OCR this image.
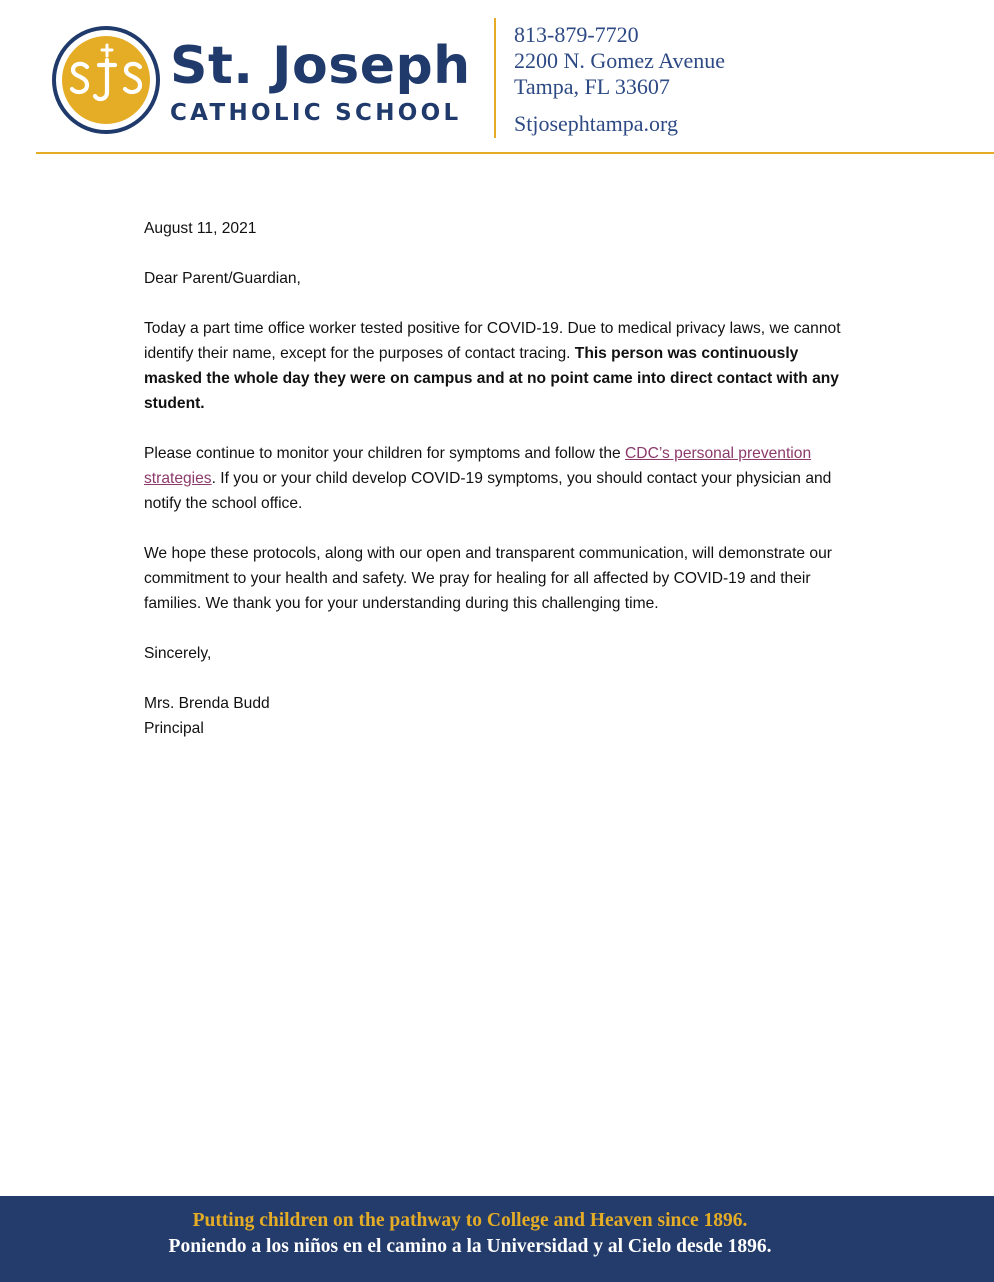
St. Joseph
CATHOLIC SCHOOL
813-879-7720
2200 N. Gomez Avenue
Tampa, FL 33607
Stjosephtampa.org

August 11, 2021

Dear Parent/Guardian,

Today a part time office worker tested positive for COVID-19. Due to medical privacy laws, we cannot identify their name, except for the purposes of contact tracing. This person was continuously masked the whole day they were on campus and at no point came into direct contact with any student.

Please continue to monitor your children for symptoms and follow the CDC’s personal prevention strategies. If you or your child develop COVID-19 symptoms, you should contact your physician and notify the school office.

We hope these protocols, along with our open and transparent communication, will demonstrate our commitment to your health and safety. We pray for healing for all affected by COVID-19 and their families. We thank you for your understanding during this challenging time.

Sincerely,

Mrs. Brenda Budd

Principal

Putting children on the pathway to College and Heaven since 1896.
Poniendo a los niños en el camino a la Universidad y al Cielo desde 1896.
